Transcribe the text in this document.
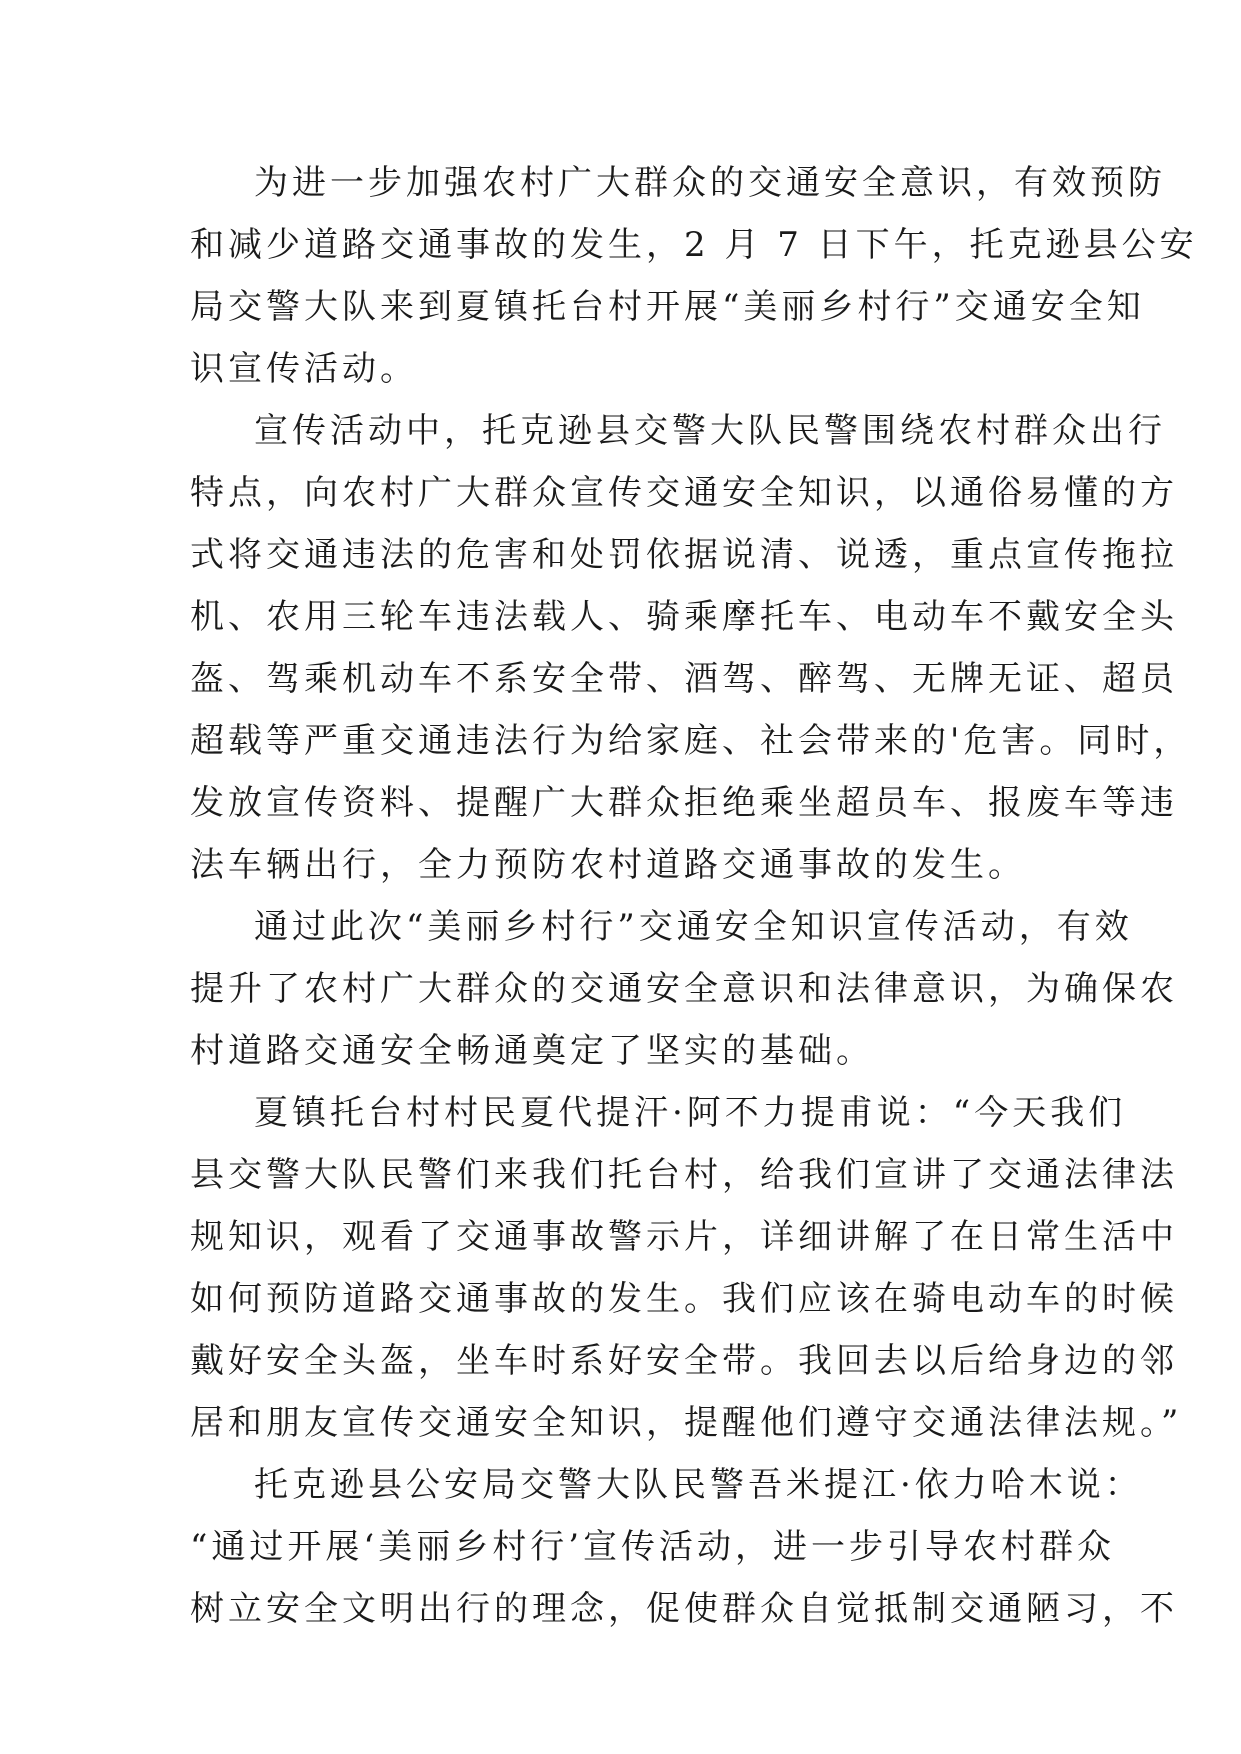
为进一步加强农村广大群众的交通安全意识，有效预防
和减少道路交通事故的发生，2 月 7 日下午，托克逊县公安
局交警大队来到夏镇托台村开展“美丽乡村行”交通安全知
识宣传活动。
宣传活动中，托克逊县交警大队民警围绕农村群众出行
特点，向农村广大群众宣传交通安全知识，以通俗易懂的方
式将交通违法的危害和处罚依据说清、说透，重点宣传拖拉
机、农用三轮车违法载人、骑乘摩托车、电动车不戴安全头
盔、驾乘机动车不系安全带、酒驾、醉驾、无牌无证、超员
超载等严重交通违法行为给家庭、社会带来的'危害。同时，
发放宣传资料、提醒广大群众拒绝乘坐超员车、报废车等违
法车辆出行，全力预防农村道路交通事故的发生。
通过此次“美丽乡村行”交通安全知识宣传活动，有效
提升了农村广大群众的交通安全意识和法律意识，为确保农
村道路交通安全畅通奠定了坚实的基础。
夏镇托台村村民夏代提汗·阿不力提甫说：“今天我们
县交警大队民警们来我们托台村，给我们宣讲了交通法律法
规知识，观看了交通事故警示片，详细讲解了在日常生活中
如何预防道路交通事故的发生。我们应该在骑电动车的时候
戴好安全头盔，坐车时系好安全带。我回去以后给身边的邻
居和朋友宣传交通安全知识，提醒他们遵守交通法律法规。”
托克逊县公安局交警大队民警吾米提江·依力哈木说：
“通过开展‘美丽乡村行’宣传活动，进一步引导农村群众
树立安全文明出行的理念，促使群众自觉抵制交通陋习，不
